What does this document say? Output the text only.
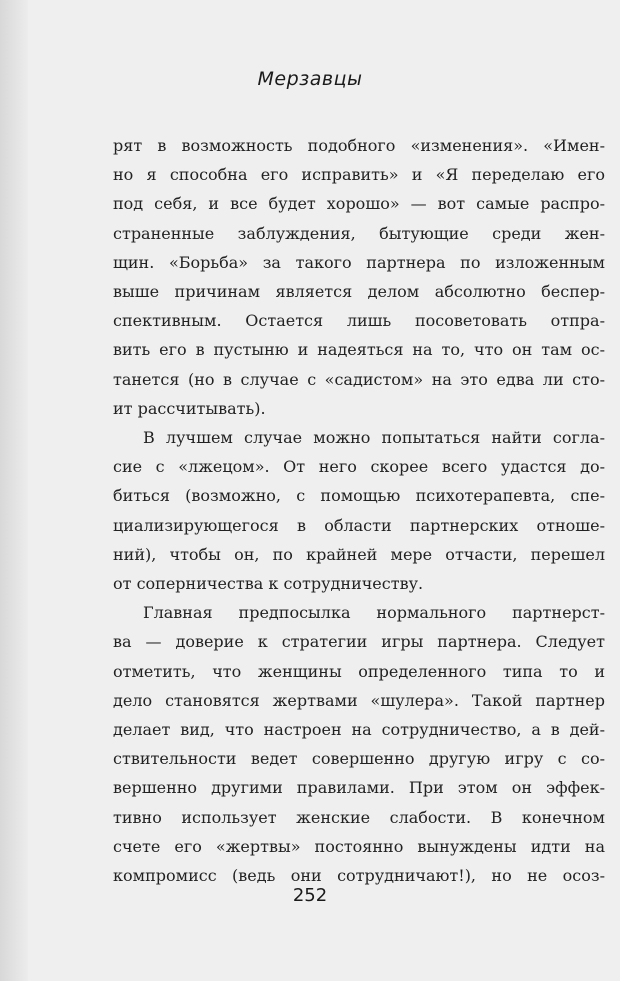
Мерзавцы
рят в возможность подобного «изменения». «Имен-
но я способна его исправить» и «Я переделаю его
под себя, и все будет хорошо» — вот самые распро-
страненные заблуждения, бытующие среди жен-
щин. «Борьба» за такого партнера по изложенным
выше причинам является делом абсолютно беспер-
спективным. Остается лишь посоветовать отпра-
вить его в пустыню и надеяться на то, что он там ос-
танется (но в случае с «садистом» на это едва ли сто-
ит рассчитывать).
В лучшем случае можно попытаться найти согла-
сие с «лжецом». От него скорее всего удастся до-
биться (возможно, с помощью психотерапевта, спе-
циализирующегося в области партнерских отноше-
ний), чтобы он, по крайней мере отчасти, перешел
от соперничества к сотрудничеству.
Главная предпосылка нормального партнерст-
ва — доверие к стратегии игры партнера. Следует
отметить, что женщины определенного типа то и
дело становятся жертвами «шулера». Такой партнер
делает вид, что настроен на сотрудничество, а в дей-
ствительности ведет совершенно другую игру с со-
вершенно другими правилами. При этом он эффек-
тивно использует женские слабости. В конечном
счете его «жертвы» постоянно вынуждены идти на
компромисс (ведь они сотрудничают!), но не осоз-
252
